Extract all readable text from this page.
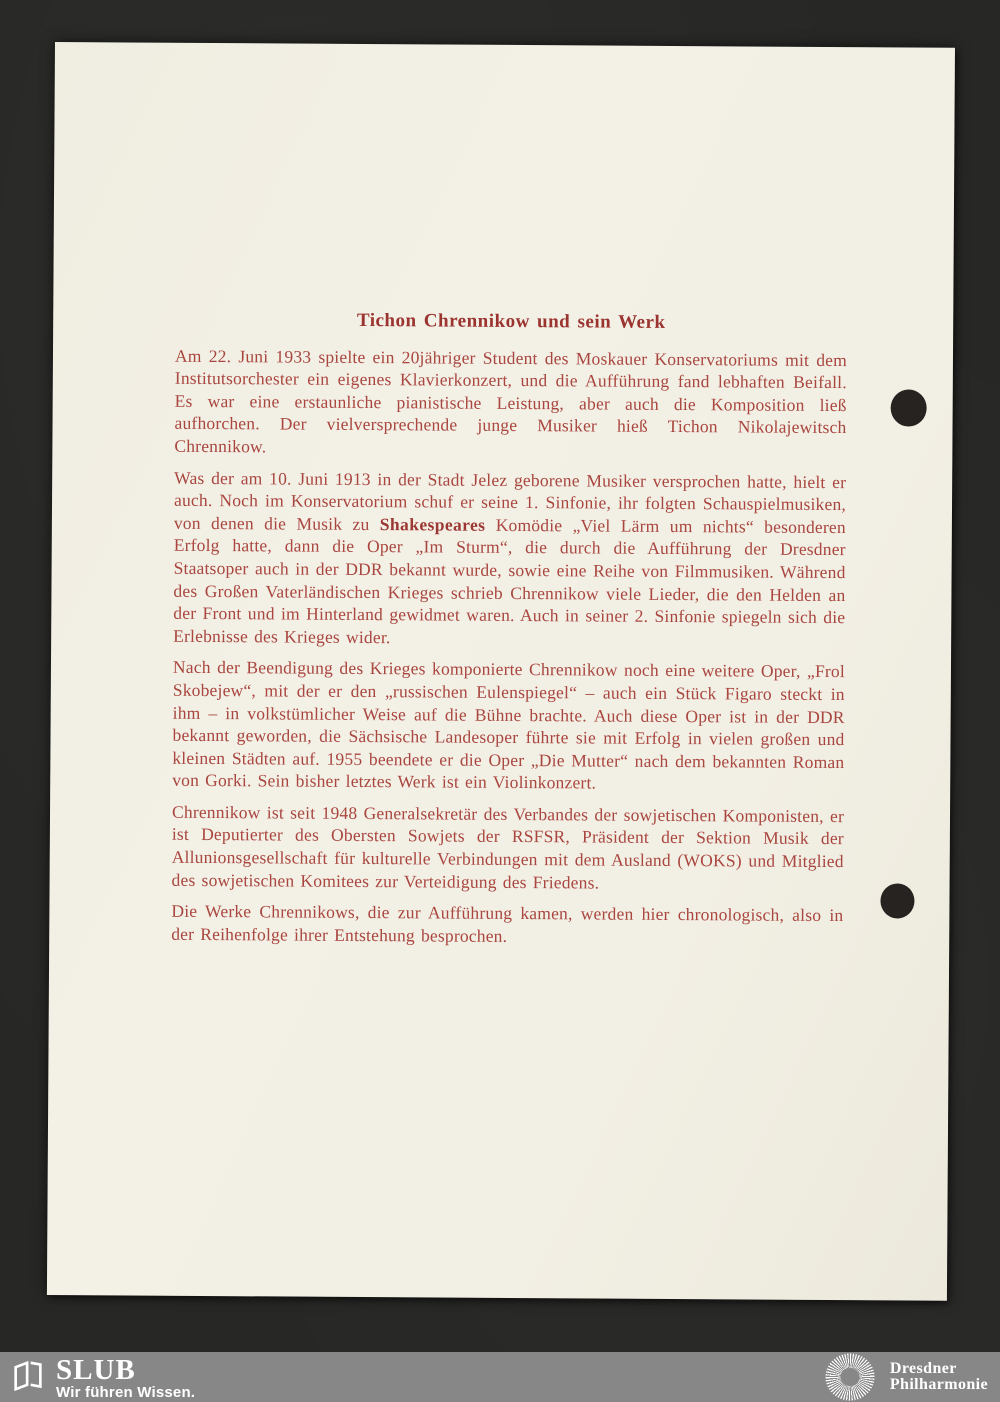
Tichon Chrennikow und sein Werk

Am 22. Juni 1933 spielte ein 20jähriger Student des Moskauer Konservatoriums mit dem Institutsorchester ein eigenes Klavierkonzert, und die Aufführung fand lebhaften Beifall. Es war eine erstaunliche pianistische Leistung, aber auch die Komposition ließ aufhorchen. Der vielversprechende junge Musiker hieß Tichon Nikolajewitsch Chrennikow.

Was der am 10. Juni 1913 in der Stadt Jelez geborene Musiker versprochen hatte, hielt er auch. Noch im Konservatorium schuf er seine 1. Sinfonie, ihr folgten Schauspielmusiken, von denen die Musik zu Shakespeares Komödie „Viel Lärm um nichts“ besonderen Erfolg hatte, dann die Oper „Im Sturm“, die durch die Aufführung der Dresdner Staatsoper auch in der DDR bekannt wurde, sowie eine Reihe von Filmmusiken. Während des Großen Vaterländischen Krieges schrieb Chrennikow viele Lieder, die den Helden an der Front und im Hinterland gewidmet waren. Auch in seiner 2. Sinfonie spiegeln sich die Erlebnisse des Krieges wider.

Nach der Beendigung des Krieges komponierte Chrennikow noch eine weitere Oper, „Frol Skobejew“, mit der er den „russischen Eulenspiegel“ – auch ein Stück Figaro steckt in ihm – in volkstümlicher Weise auf die Bühne brachte. Auch diese Oper ist in der DDR bekannt geworden, die Sächsische Landesoper führte sie mit Erfolg in vielen großen und kleinen Städten auf. 1955 beendete er die Oper „Die Mutter“ nach dem bekannten Roman von Gorki. Sein bisher letztes Werk ist ein Violinkonzert.

Chrennikow ist seit 1948 Generalsekretär des Verbandes der sowjetischen Komponisten, er ist Deputierter des Obersten Sowjets der RSFSR, Präsident der Sektion Musik der Allunionsgesellschaft für kulturelle Verbindungen mit dem Ausland (WOKS) und Mitglied des sowjetischen Komitees zur Verteidigung des Friedens.

Die Werke Chrennikows, die zur Aufführung kamen, werden hier chronologisch, also in der Reihenfolge ihrer Entstehung besprochen.

SLUB
Wir führen Wissen.
Dresdner
Philharmonie
